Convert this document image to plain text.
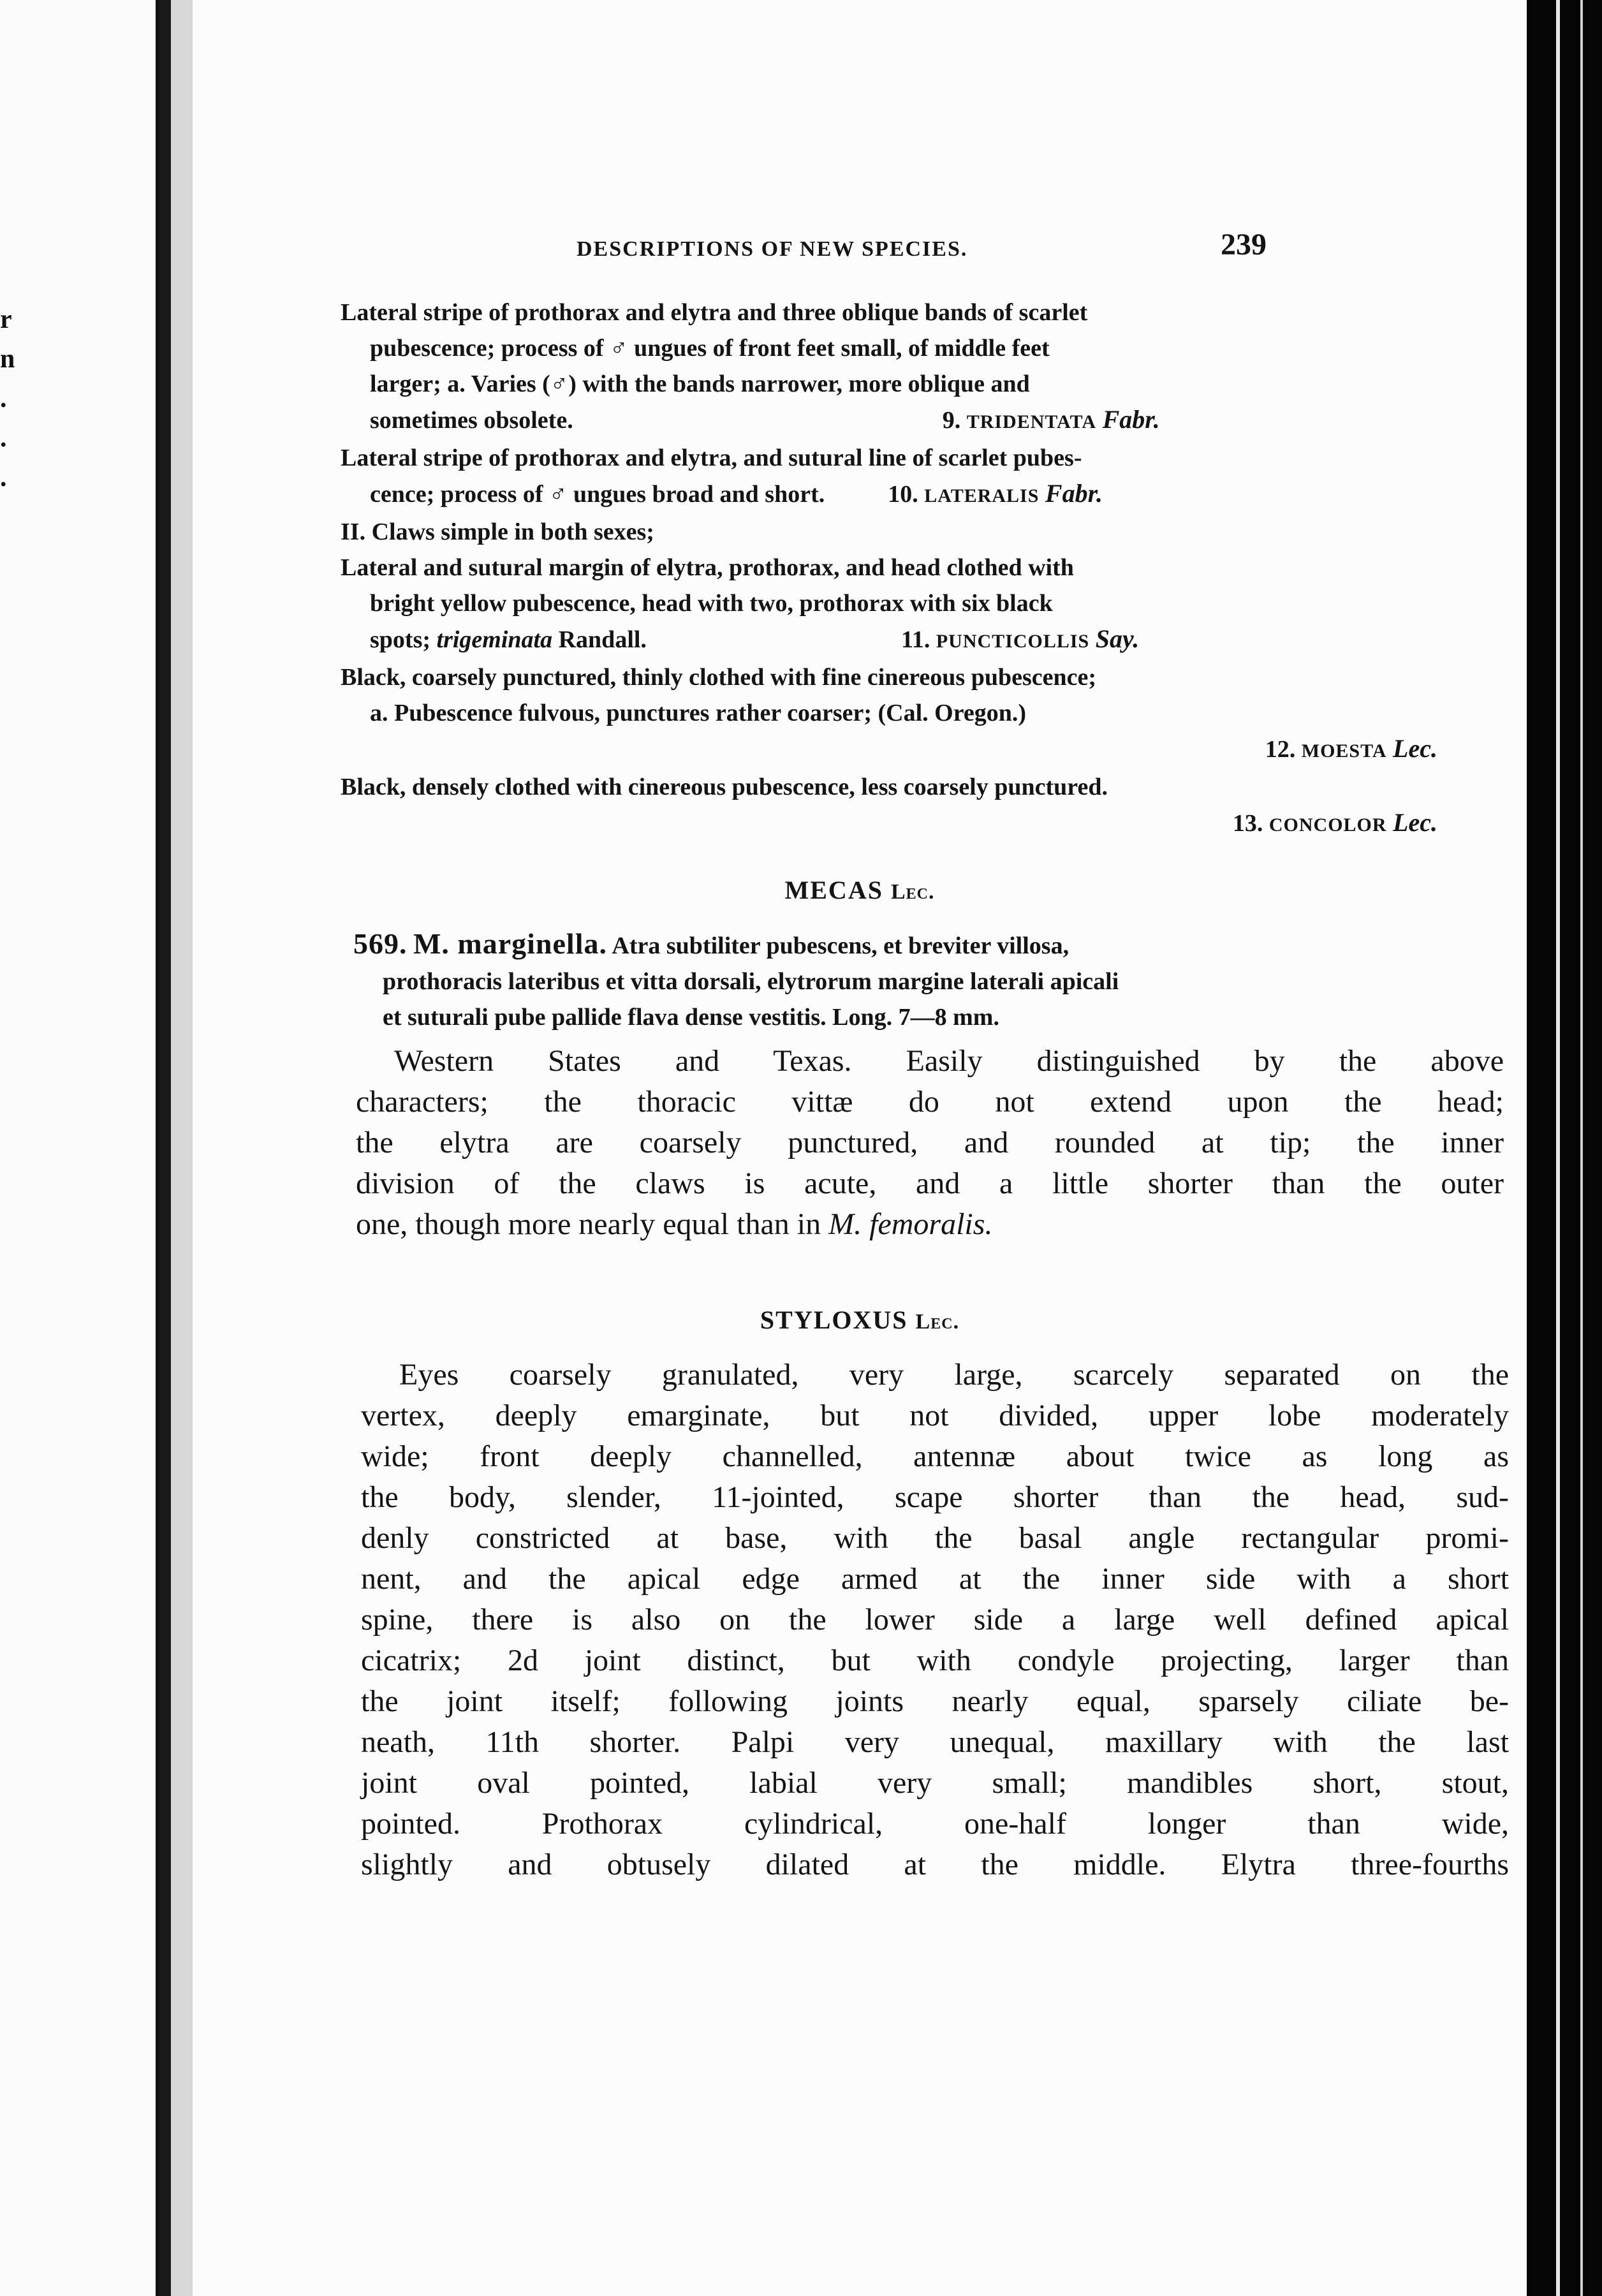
r
n
.
.
.
DESCRIPTIONS OF NEW SPECIES.	239

Lateral stripe of prothorax and elytra and three oblique bands of scarlet

pubescence; process of ♂ ungues of front feet small, of middle feet

larger; a. Varies (♂) with the bands narrower, more oblique and

sometimes obsolete.	9. TRIDENTATA Fabr.

Lateral stripe of prothorax and elytra, and sutural line of scarlet pubes-

cence; process of ♂ ungues broad and short.	10. LATERALIS Fabr.

II. Claws simple in both sexes;

Lateral and sutural margin of elytra, prothorax, and head clothed with

bright yellow pubescence, head with two, prothorax with six black

spots; trigeminata Randall.	11. PUNCTICOLLIS Say.

Black, coarsely punctured, thinly clothed with fine cinereous pubescence;

a. Pubescence fulvous, punctures rather coarser; (Cal. Oregon.)

12. MOESTA Lec.

Black, densely clothed with cinereous pubescence, less coarsely punctured.

13. CONCOLOR Lec.

MECAS Lec.

569. M. marginella. Atra subtiliter pubescens, et breviter villosa,

prothoracis lateribus et vitta dorsali, elytrorum margine laterali apicali

et suturali pube pallide flava dense vestitis. Long. 7—8 mm.

Western States and Texas. Easily distinguished by the above
characters; the thoracic vittæ do not extend upon the head;
the elytra are coarsely punctured, and rounded at tip; the inner
division of the claws is acute, and a little shorter than the outer
one, though more nearly equal than in M. femoralis.
STYLOXUS Lec.
Eyes coarsely granulated, very large, scarcely separated on the
vertex, deeply emarginate, but not divided, upper lobe moderately
wide; front deeply channelled, antennæ about twice as long as
the body, slender, 11-jointed, scape shorter than the head, sud-
denly constricted at base, with the basal angle rectangular promi-
nent, and the apical edge armed at the inner side with a short
spine, there is also on the lower side a large well defined apical
cicatrix; 2d joint distinct, but with condyle projecting, larger than
the joint itself; following joints nearly equal, sparsely ciliate be-
neath, 11th shorter. Palpi very unequal, maxillary with the last
joint oval pointed, labial very small; mandibles short, stout,
pointed. Prothorax cylindrical, one-half longer than wide,
slightly and obtusely dilated at the middle. Elytra three-fourths
